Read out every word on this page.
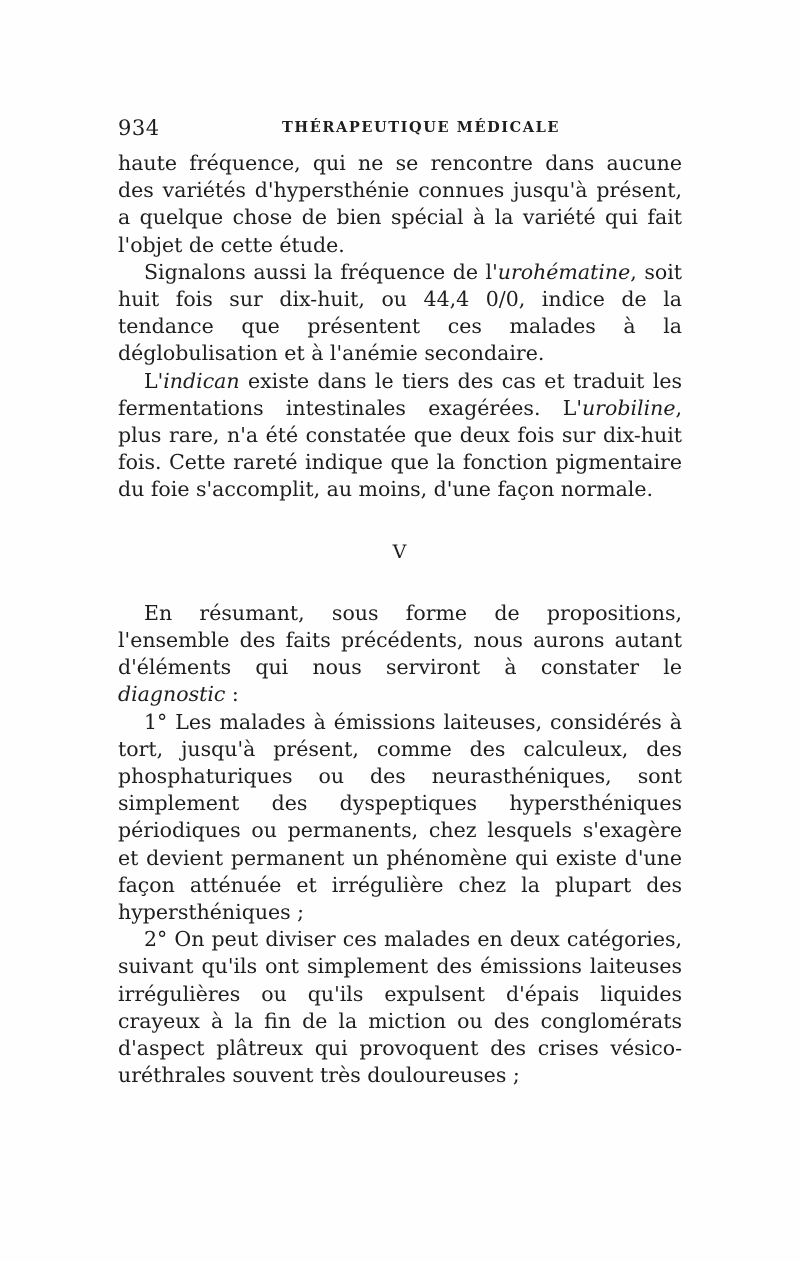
934	THÉRAPEUTIQUE MÉDICALE

haute fréquence, qui ne se rencontre dans aucune des variétés d'hypersthénie connues jusqu'à présent, a quelque chose de bien spécial à la variété qui fait l'objet de cette étude.

Signalons aussi la fréquence de l'urohématine, soit huit fois sur dix-huit, ou 44,4 0/0, indice de la tendance que présentent ces malades à la déglobulisation et à l'anémie secondaire.

L'indican existe dans le tiers des cas et traduit les fermentations intestinales exagérées. L'urobiline, plus rare, n'a été constatée que deux fois sur dix-huit fois. Cette rareté indique que la fonction pigmentaire du foie s'accomplit, au moins, d'une façon normale.

V

En résumant, sous forme de propositions, l'ensemble des faits précédents, nous aurons autant d'éléments qui nous serviront à constater le diagnostic :

1° Les malades à émissions laiteuses, considérés à tort, jusqu'à présent, comme des calculeux, des phosphaturiques ou des neurasthéniques, sont simplement des dyspeptiques hypersthéniques périodiques ou permanents, chez lesquels s'exagère et devient permanent un phénomène qui existe d'une façon atténuée et irrégulière chez la plupart des hypersthéniques ;

2° On peut diviser ces malades en deux catégories, suivant qu'ils ont simplement des émissions laiteuses irrégulières ou qu'ils expulsent d'épais liquides crayeux à la fin de la miction ou des conglomérats d'aspect plâtreux qui provoquent des crises vésico-uréthrales souvent très douloureuses ;
